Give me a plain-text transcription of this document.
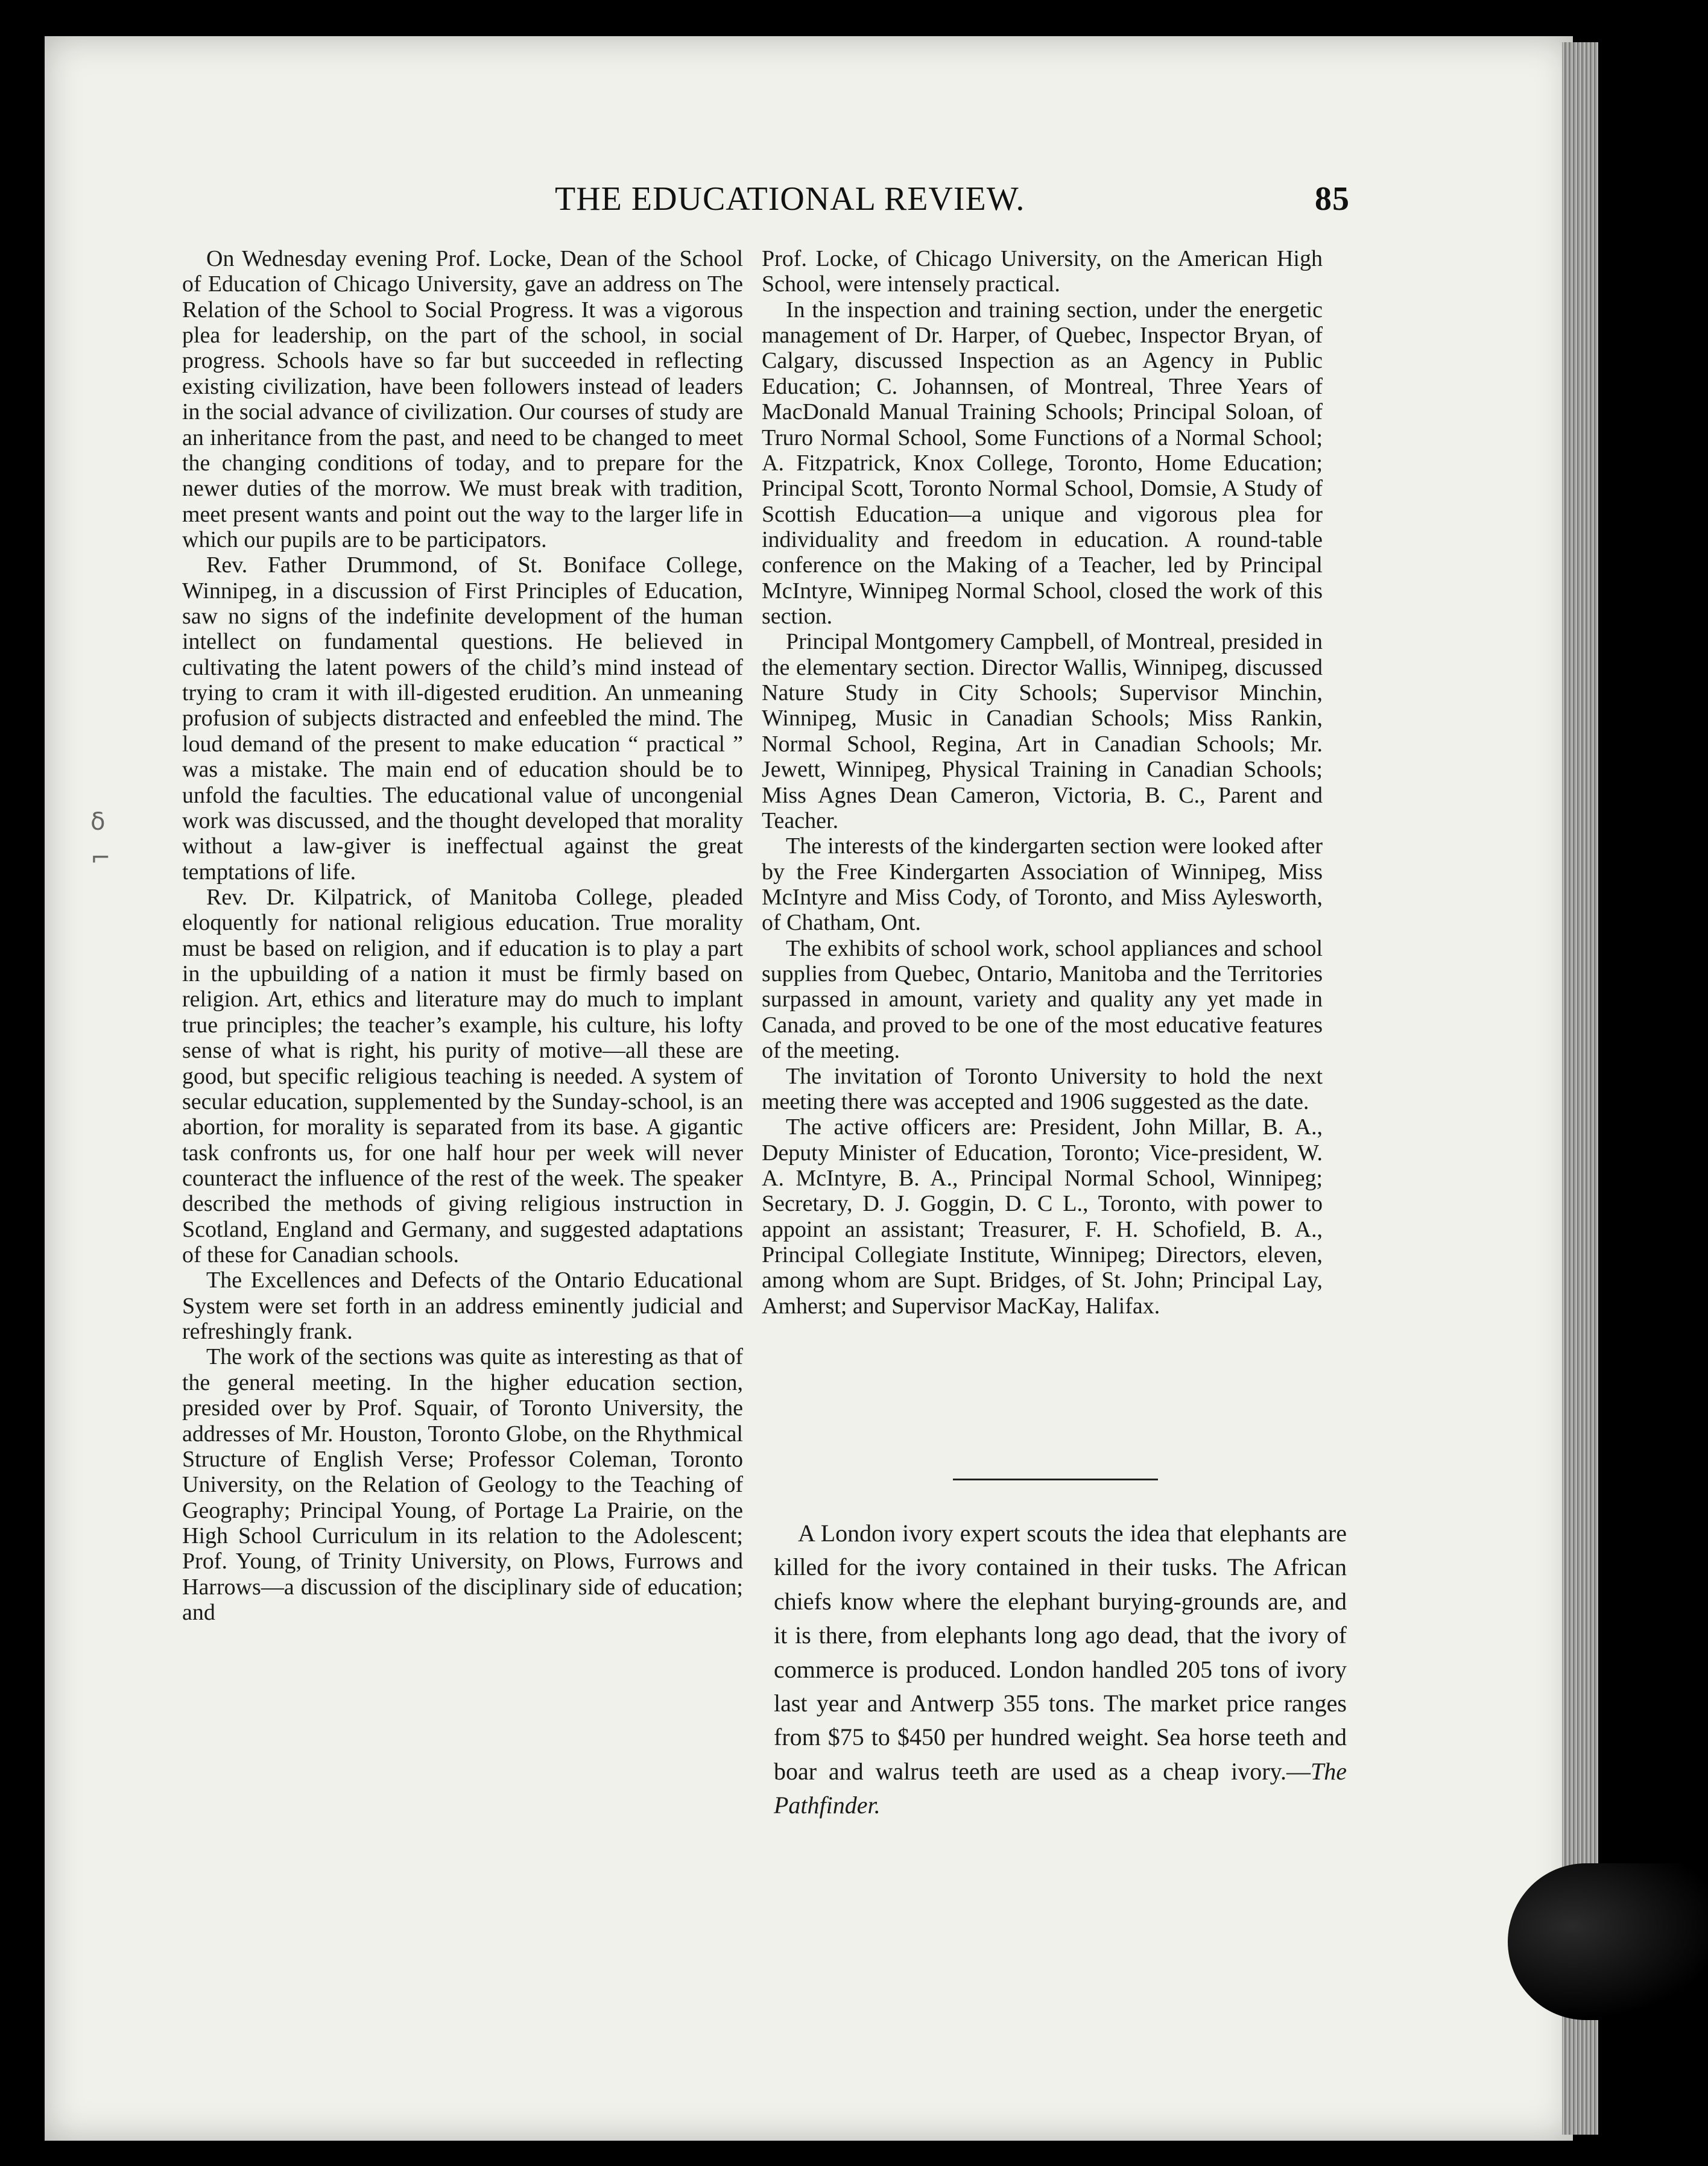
δ
⌐
THE EDUCATIONAL REVIEW.	85

On Wednesday evening Prof. Locke, Dean of the School of Education of Chicago University, gave an address on The Relation of the School to Social Progress. It was a vigorous plea for leadership, on the part of the school, in social progress. Schools have so far but succeeded in reflecting existing civilization, have been followers instead of leaders in the social advance of civilization. Our courses of study are an inheritance from the past, and need to be changed to meet the changing conditions of today, and to prepare for the newer duties of the morrow. We must break with tradition, meet present wants and point out the way to the larger life in which our pupils are to be participators.

Rev. Father Drummond, of St. Boniface College, Winnipeg, in a discussion of First Principles of Education, saw no signs of the indefinite development of the human intellect on fundamental questions. He believed in cultivating the latent powers of the child’s mind instead of trying to cram it with ill-digested erudition. An unmeaning profusion of subjects distracted and enfeebled the mind. The loud demand of the present to make education “ practical ” was a mistake. The main end of education should be to unfold the faculties. The educational value of uncongenial work was discussed, and the thought developed that morality without a law-giver is ineffectual against the great temptations of life.

Rev. Dr. Kilpatrick, of Manitoba College, pleaded eloquently for national religious education. True morality must be based on religion, and if education is to play a part in the upbuilding of a nation it must be firmly based on religion. Art, ethics and literature may do much to implant true principles; the teacher’s example, his culture, his lofty sense of what is right, his purity of motive—all these are good, but specific religious teaching is needed. A system of secular education, supplemented by the Sunday-school, is an abortion, for morality is separated from its base. A gigantic task confronts us, for one half hour per week will never counteract the influence of the rest of the week. The speaker described the methods of giving religious instruction in Scotland, England and Germany, and suggested adaptations of these for Canadian schools.

The Excellences and Defects of the Ontario Educational System were set forth in an address eminently judicial and refreshingly frank.

The work of the sections was quite as interesting as that of the general meeting. In the higher education section, presided over by Prof. Squair, of Toronto University, the addresses of Mr. Houston, Toronto Globe, on the Rhythmical Structure of English Verse; Professor Coleman, Toronto University, on the Relation of Geology to the Teaching of Geography; Principal Young, of Portage La Prairie, on the High School Curriculum in its relation to the Adolescent; Prof. Young, of Trinity University, on Plows, Furrows and Harrows—a discussion of the disciplinary side of education; and

Prof. Locke, of Chicago University, on the American High School, were intensely practical.

In the inspection and training section, under the energetic management of Dr. Harper, of Quebec, Inspector Bryan, of Calgary, discussed Inspection as an Agency in Public Education; C. Johannsen, of Montreal, Three Years of MacDonald Manual Training Schools; Principal Soloan, of Truro Normal School, Some Functions of a Normal School; A. Fitzpatrick, Knox College, Toronto, Home Education; Principal Scott, Toronto Normal School, Domsie, A Study of Scottish Education—a unique and vigorous plea for individuality and freedom in education. A round-table conference on the Making of a Teacher, led by Principal McIntyre, Winnipeg Normal School, closed the work of this section.

Principal Montgomery Campbell, of Montreal, presided in the elementary section. Director Wallis, Winnipeg, discussed Nature Study in City Schools; Supervisor Minchin, Winnipeg, Music in Canadian Schools; Miss Rankin, Normal School, Regina, Art in Canadian Schools; Mr. Jewett, Winnipeg, Physical Training in Canadian Schools; Miss Agnes Dean Cameron, Victoria, B. C., Parent and Teacher.

The interests of the kindergarten section were looked after by the Free Kindergarten Association of Winnipeg, Miss McIntyre and Miss Cody, of Toronto, and Miss Aylesworth, of Chatham, Ont.

The exhibits of school work, school appliances and school supplies from Quebec, Ontario, Manitoba and the Territories surpassed in amount, variety and quality any yet made in Canada, and proved to be one of the most educative features of the meeting.

The invitation of Toronto University to hold the next meeting there was accepted and 1906 suggested as the date.

The active officers are: President, John Millar, B. A., Deputy Minister of Education, Toronto; Vice-president, W. A. McIntyre, B. A., Principal Normal School, Winnipeg; Secretary, D. J. Goggin, D. C L., Toronto, with power to appoint an assistant; Treasurer, F. H. Schofield, B. A., Principal Collegiate Institute, Winnipeg; Directors, eleven, among whom are Supt. Bridges, of St. John; Principal Lay, Amherst; and Supervisor MacKay, Halifax.

A London ivory expert scouts the idea that elephants are killed for the ivory contained in their tusks. The African chiefs know where the elephant burying-grounds are, and it is there, from elephants long ago dead, that the ivory of commerce is produced. London handled 205 tons of ivory last year and Antwerp 355 tons. The market price ranges from $75 to $450 per hundred weight. Sea horse teeth and boar and walrus teeth are used as a cheap ivory.—The Pathfinder.
